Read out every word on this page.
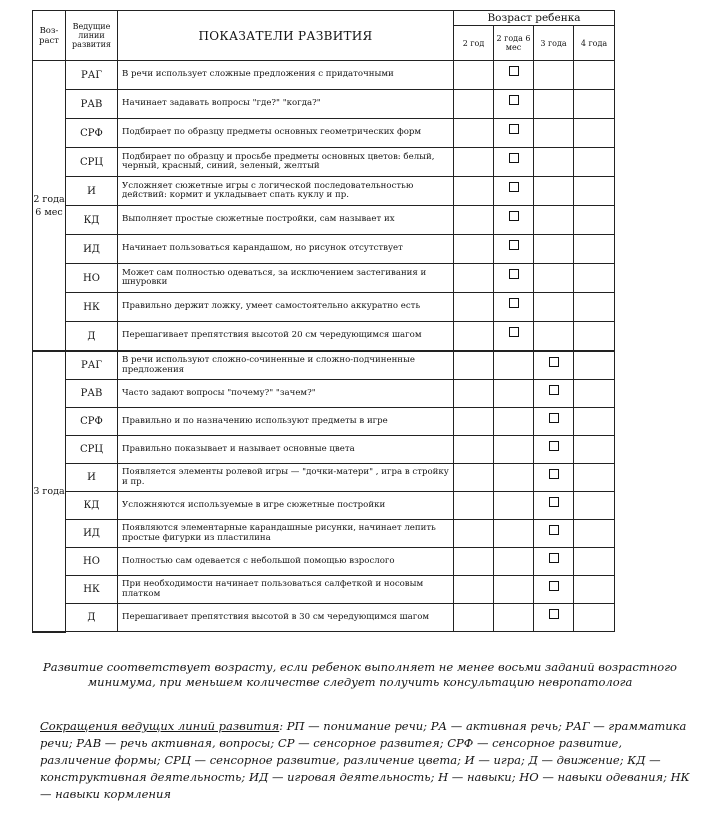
Воз- раст	Ведущие линии развития	ПОКАЗАТЕЛИ РАЗВИТИЯ	Возраст ребенка			
			2 год	2 года 6 мес	3 года	4 года
2 года 6 мес	РАГ	В речи использует сложные предложения с придаточными				
	РАВ	Начинает задавать вопросы "где?" "когда?"				
	СРФ	Подбирает по образцу предметы основных геометрических форм				
	СРЦ	Подбирает по образцу и просьбе предметы основных цветов: белый, черный, красный, синий, зеленый, желтый				
	И	Усложняет сюжетные игры с логической последовательностью действий: кормит и укладывает спать куклу и пр.				
	КД	Выполняет простые сюжетные постройки, сам называет их				
	ИД	Начинает пользоваться карандашом, но рисунок отсутствует				
	НО	Может сам полностью одеваться, за исключением застегивания и шнуровки				
	НК	Правильно держит ложку, умеет самостоятельно аккуратно есть				
	Д	Перешагивает препятствия высотой 20 см чередующимся шагом				
3 года	РАГ	В речи используют сложно-сочиненные и сложно-подчиненные предложения				
	РАВ	Часто задают вопросы "почему?" "зачем?"				
	СРФ	Правильно и по назначению используют предметы в игре				
	СРЦ	Правильно показывает и называет основные цвета				
	И	Появляется элементы ролевой игры — "дочки-матери" , игра в стройку и пр.				
	КД	Усложняются используемые в игре сюжетные постройки				
	ИД	Появляются элементарные карандашные рисунки, начинает лепить простые фигурки из пластилина				
	НО	Полностью сам одевается с небольшой помощью взрослого				
	НК	При необходимости начинает пользоваться салфеткой и носовым платком				
	Д	Перешагивает препятствия высотой в 30 см чередующимся шагом				
Развитие соответствует возрасту, если ребенок выполняет не менее восьми заданий возрастного минимума, при меньшем количестве следует получить консультацию невропатолога
Сокращения ведущих линий развития: РП — понимание речи; РА — активная речь; РАГ — грамматика речи; РАВ — речь активная, вопросы; СР — сенсорное развитея; СРФ — сенсорное развитие, различение формы; СРЦ — сенсорное развитие, различение цвета; И — игра; Д — движение; КД — конструктивная деятельность; ИД — игровая деятельность; Н — навыки; НО — навыки одевания; НК — навыки кормления
